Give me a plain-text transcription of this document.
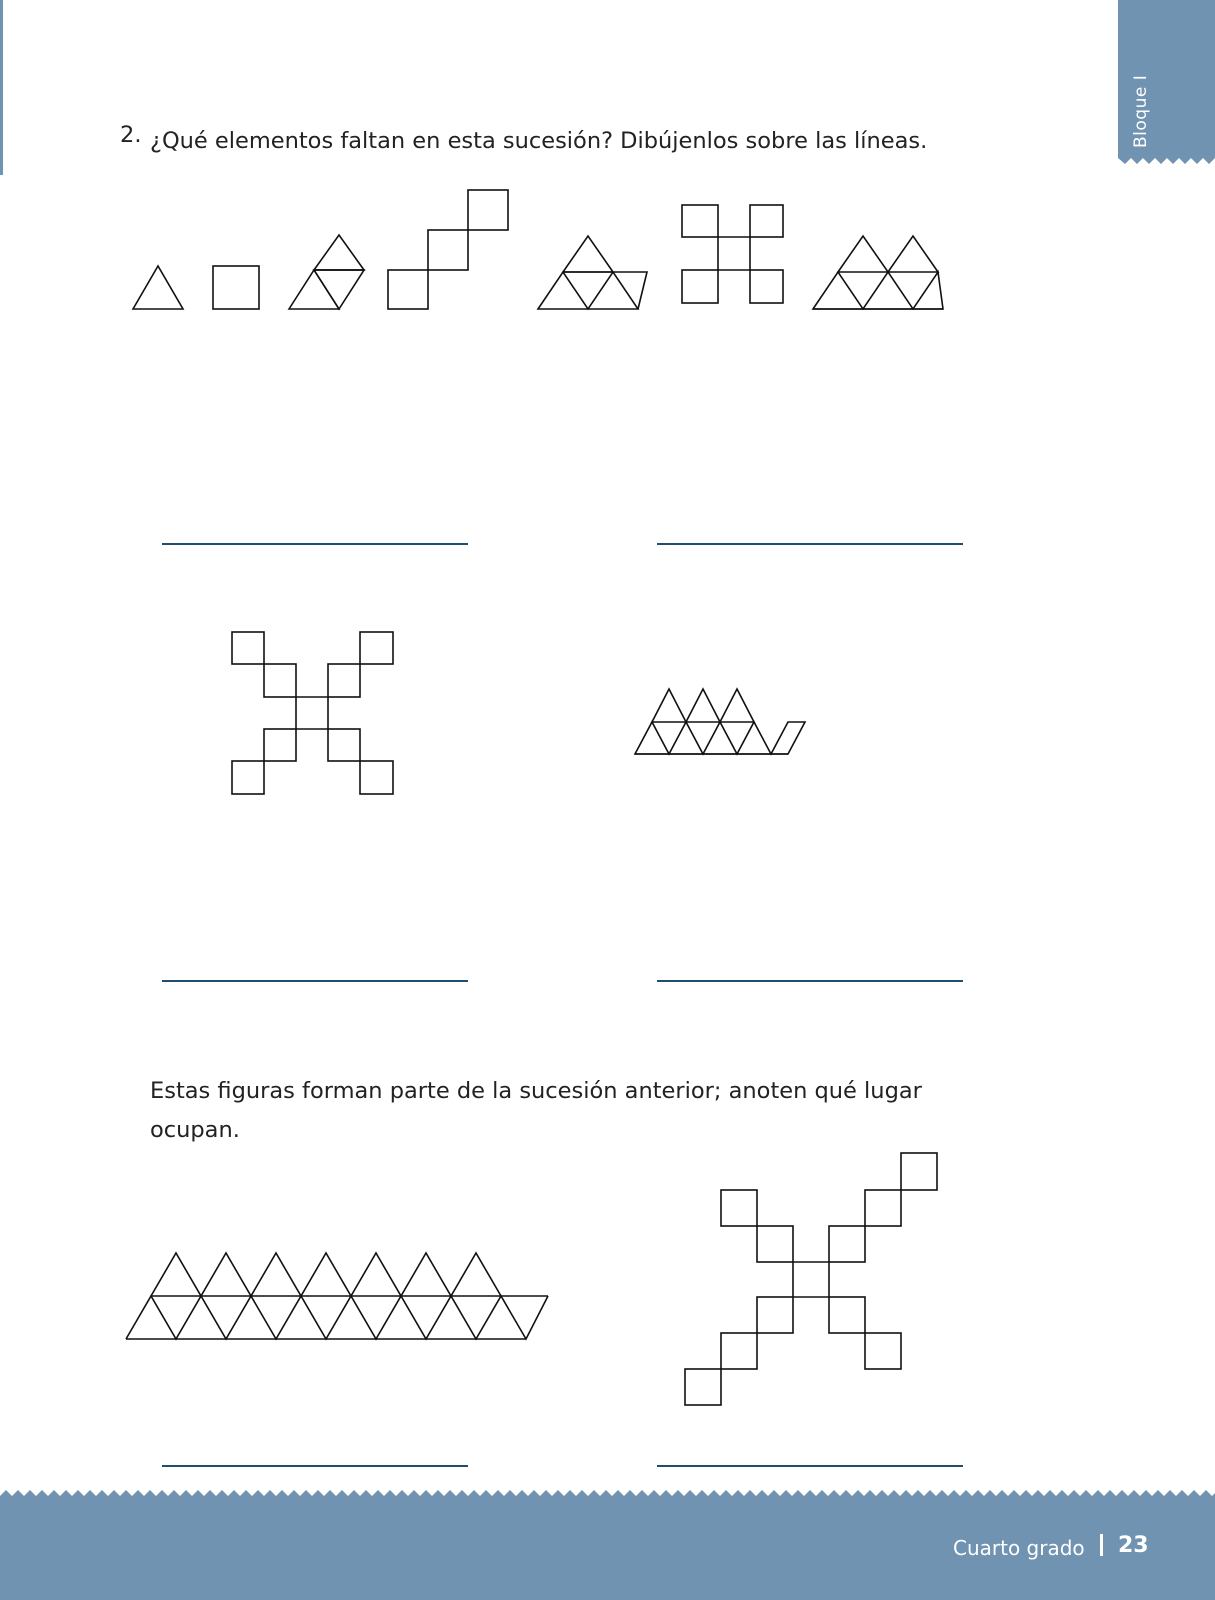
Bloque I
2. ¿Qué elementos faltan en esta sucesión? Dibújenlos sobre las líneas.
Estas figuras forman parte de la sucesión anterior; anoten qué lugar ocupan.
Cuarto grado 23
